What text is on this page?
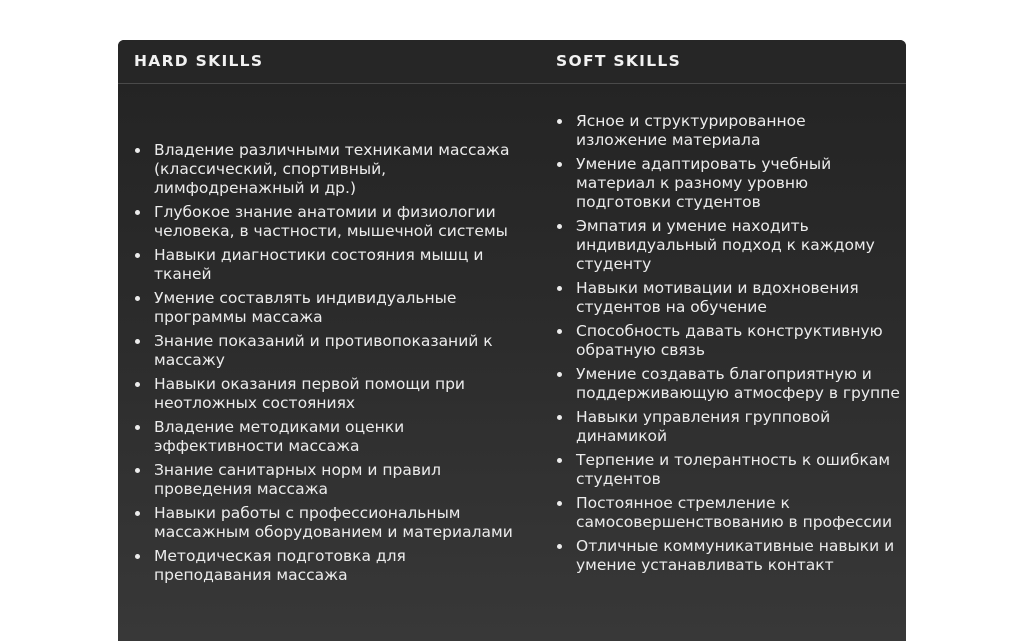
HARD SKILLS	SOFT SKILLS
Владение различными техниками массажа (классический, спортивный, лимфодренажный и др.)
Глубокое знание анатомии и физиологии человека, в частности, мышечной системы
Навыки диагностики состояния мышц и тканей
Умение составлять индивидуальные программы массажа
Знание показаний и противопоказаний к массажу
Навыки оказания первой помощи при неотложных состояниях
Владение методиками оценки эффективности массажа
Знание санитарных норм и правил проведения массажа
Навыки работы с профессиональным массажным оборудованием и материалами
Методическая подготовка для преподавания массажа
Ясное и структурированное изложение материала
Умение адаптировать учебный материал к разному уровню подготовки студентов
Эмпатия и умение находить индивидуальный подход к каждому студенту
Навыки мотивации и вдохновения студентов на обучение
Способность давать конструктивную обратную связь
Умение создавать благоприятную и поддерживающую атмосферу в группе
Навыки управления групповой динамикой
Терпение и толерантность к ошибкам студентов
Постоянное стремление к самосовершенствованию в профессии
Отличные коммуникативные навыки и умение устанавливать контакт
